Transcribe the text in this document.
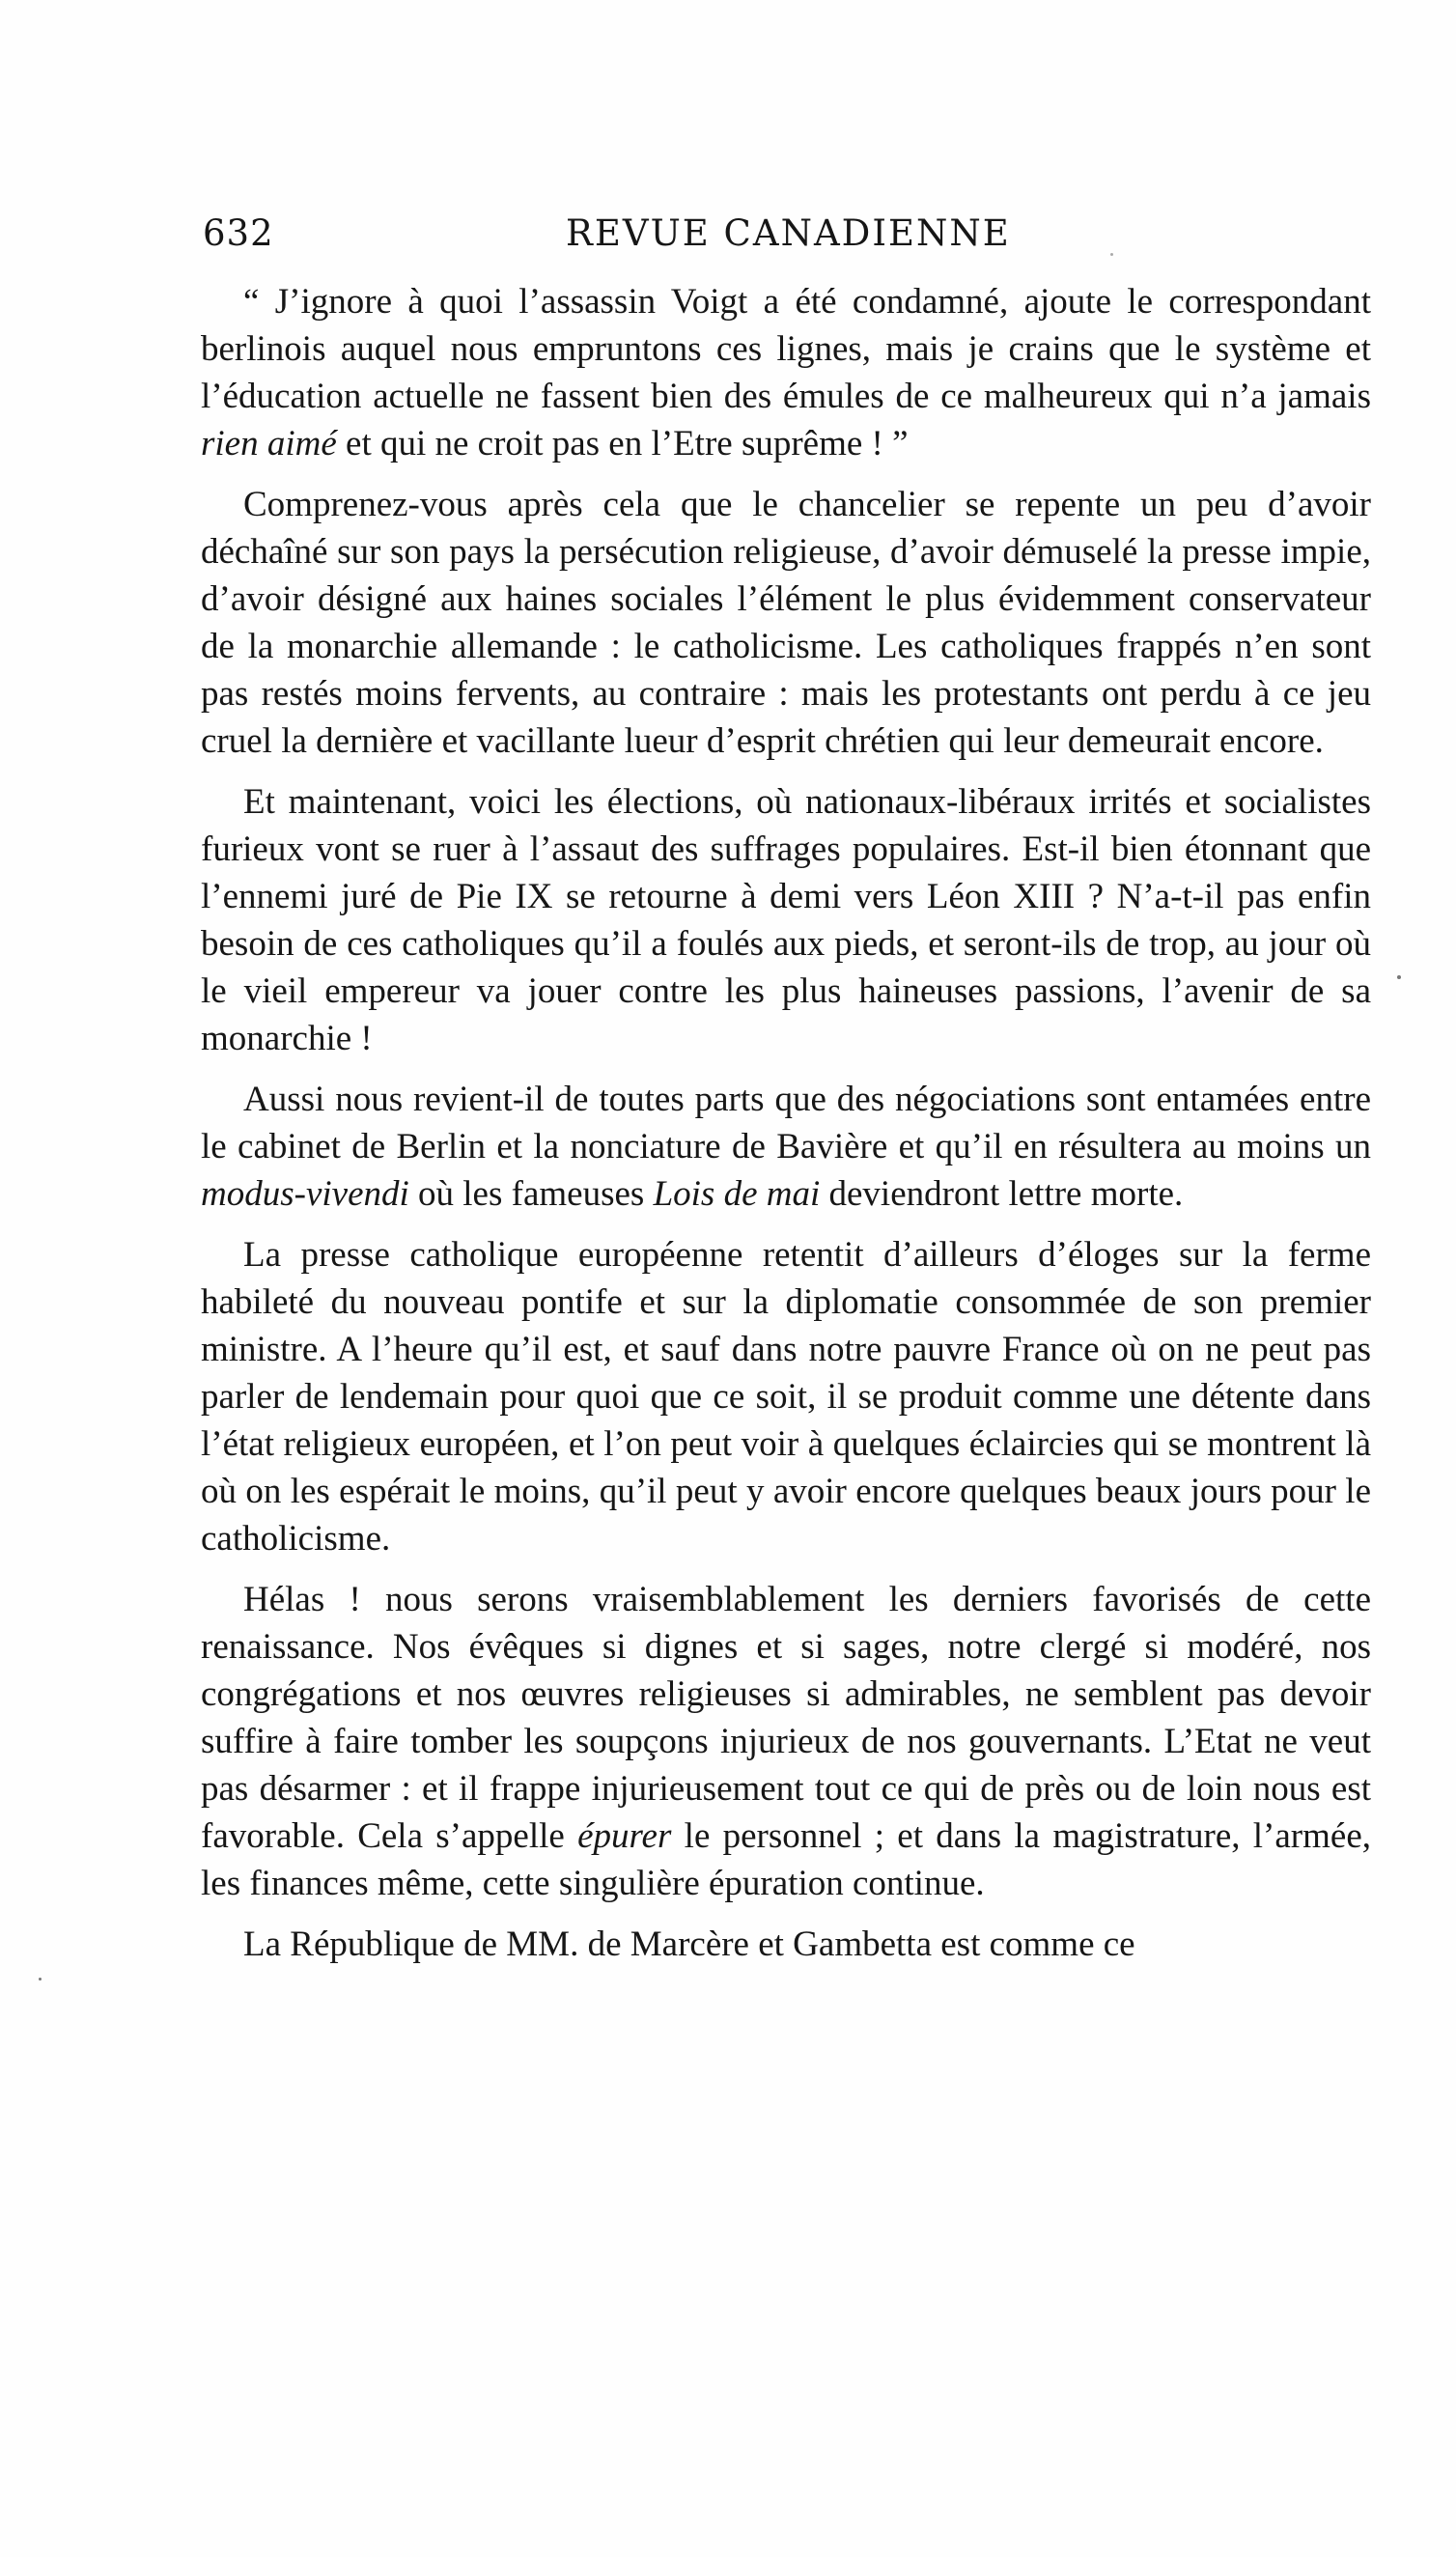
632	REVUE CANADIENNE

“ J’ignore à quoi l’assassin Voigt a été condamné, ajoute le correspondant berlinois auquel nous empruntons ces lignes, mais je crains que le système et l’éducation actuelle ne fassent bien des émules de ce malheureux qui n’a jamais rien aimé et qui ne croit pas en l’Etre suprême ! ”

Comprenez-vous après cela que le chancelier se repente un peu d’avoir déchaîné sur son pays la persécution religieuse, d’avoir démuselé la presse impie, d’avoir désigné aux haines sociales l’élément le plus évidemment conservateur de la monarchie allemande : le catholicisme. Les catholiques frappés n’en sont pas restés moins fervents, au contraire : mais les protestants ont perdu à ce jeu cruel la dernière et vacillante lueur d’esprit chrétien qui leur demeurait encore.

Et maintenant, voici les élections, où nationaux-libéraux irrités et socialistes furieux vont se ruer à l’assaut des suffrages populaires. Est-il bien étonnant que l’ennemi juré de Pie IX se retourne à demi vers Léon XIII ? N’a-t-il pas enfin besoin de ces catholiques qu’il a foulés aux pieds, et seront-ils de trop, au jour où le vieil empereur va jouer contre les plus haineuses passions, l’avenir de sa monarchie !

Aussi nous revient-il de toutes parts que des négociations sont entamées entre le cabinet de Berlin et la nonciature de Bavière et qu’il en résultera au moins un modus-vivendi où les fameuses Lois de mai deviendront lettre morte.

La presse catholique européenne retentit d’ailleurs d’éloges sur la ferme habileté du nouveau pontife et sur la diplomatie consommée de son premier ministre. A l’heure qu’il est, et sauf dans notre pauvre France où on ne peut pas parler de lendemain pour quoi que ce soit, il se produit comme une détente dans l’état religieux européen, et l’on peut voir à quelques éclaircies qui se montrent là où on les espérait le moins, qu’il peut y avoir encore quelques beaux jours pour le catholicisme.

Hélas ! nous serons vraisemblablement les derniers favorisés de cette renaissance. Nos évêques si dignes et si sages, notre clergé si modéré, nos congrégations et nos œuvres religieuses si admirables, ne semblent pas devoir suffire à faire tomber les soupçons injurieux de nos gouvernants. L’Etat ne veut pas désarmer : et il frappe injurieusement tout ce qui de près ou de loin nous est favorable. Cela s’appelle épurer le personnel ; et dans la magistrature, l’armée, les finances même, cette singulière épuration continue.

La République de MM. de Marcère et Gambetta est comme ce
